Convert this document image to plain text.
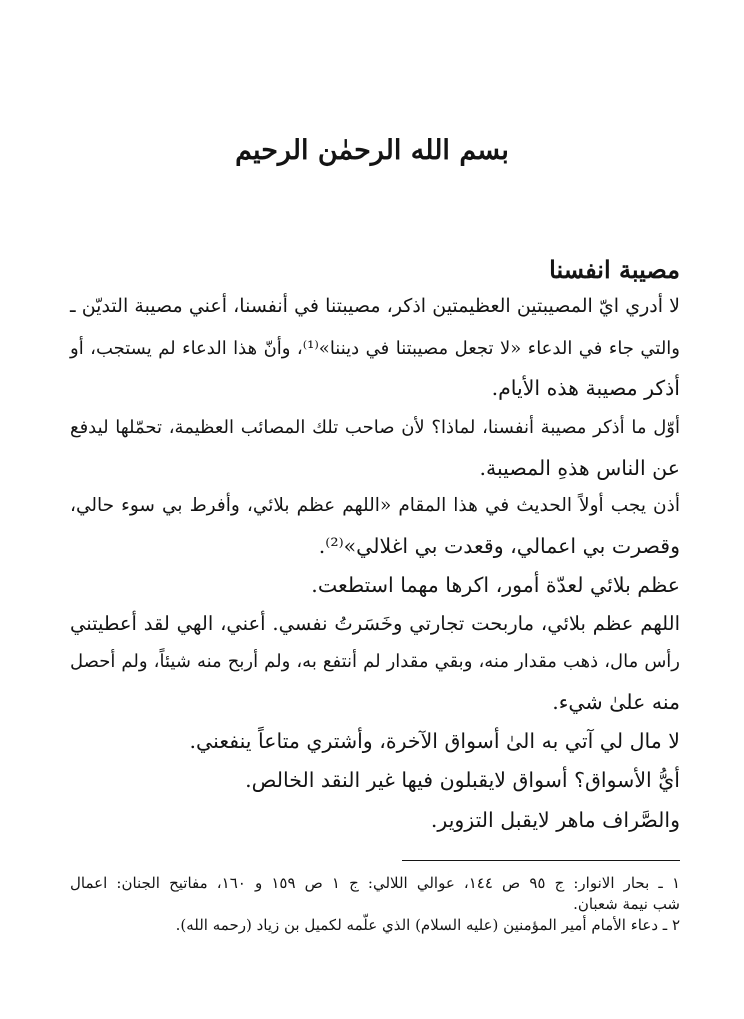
بسم الله الرحمٰن الرحيم
مصيبة انفسنا
لا أدري ايّ المصيبتين العظيمتين اذكر، مصيبتنا في أنفسنا، أعني مصيبة التديّن ـ
والتي جاء في الدعاء «لا تجعل مصيبتنا في ديننا»⁽¹⁾، وأنّ هذا الدعاء لم يستجب، أو
أذكر مصيبة هذه الأيام.
أوّل ما أذكر مصيبة أنفسنا، لماذا؟ لأن صاحب تلك المصائب العظيمة، تحمّلها ليدفع
عن الناس هذهِ المصيبة.
أذن يجب أولاً الحديث في هذا المقام «اللهم عظم بلائي، وأفرط بي سوء حالي،
وقصرت بي اعمالي، وقعدت بي اغلالي»⁽²⁾.
عظم بلائي لعدّة أمور، اكرها مهما استطعت.
اللهم عظم بلائي، ماربحت تجارتي وخَسَرتُ نفسي. أعني، الهي لقد أعطيتني
رأس مال، ذهب مقدار منه، وبقي مقدار لم أنتفع به، ولم أربح منه شيئاً، ولم أحصل
منه علىٰ شيء.
لا مال لي آتي به الىٰ أسواق الآخرة، وأشتري متاعاً ينفعني.
أيُّ الأسواق؟ أسواق لايقبلون فيها غير النقد الخالص.
والصَّراف ماهر لايقبل التزوير.
١ ـ بحار الانوار: ج ٩٥ ص ١٤٤، عوالي اللالي: ج ١ ص ١٥٩ و ١٦٠، مفاتيح الجنان: اعمال
شب نيمة شعبان.
٢ ـ دعاء الأمام أمير المؤمنين (عليه السلام) الذي علّمه لكميل بن زياد (رحمه الله).
